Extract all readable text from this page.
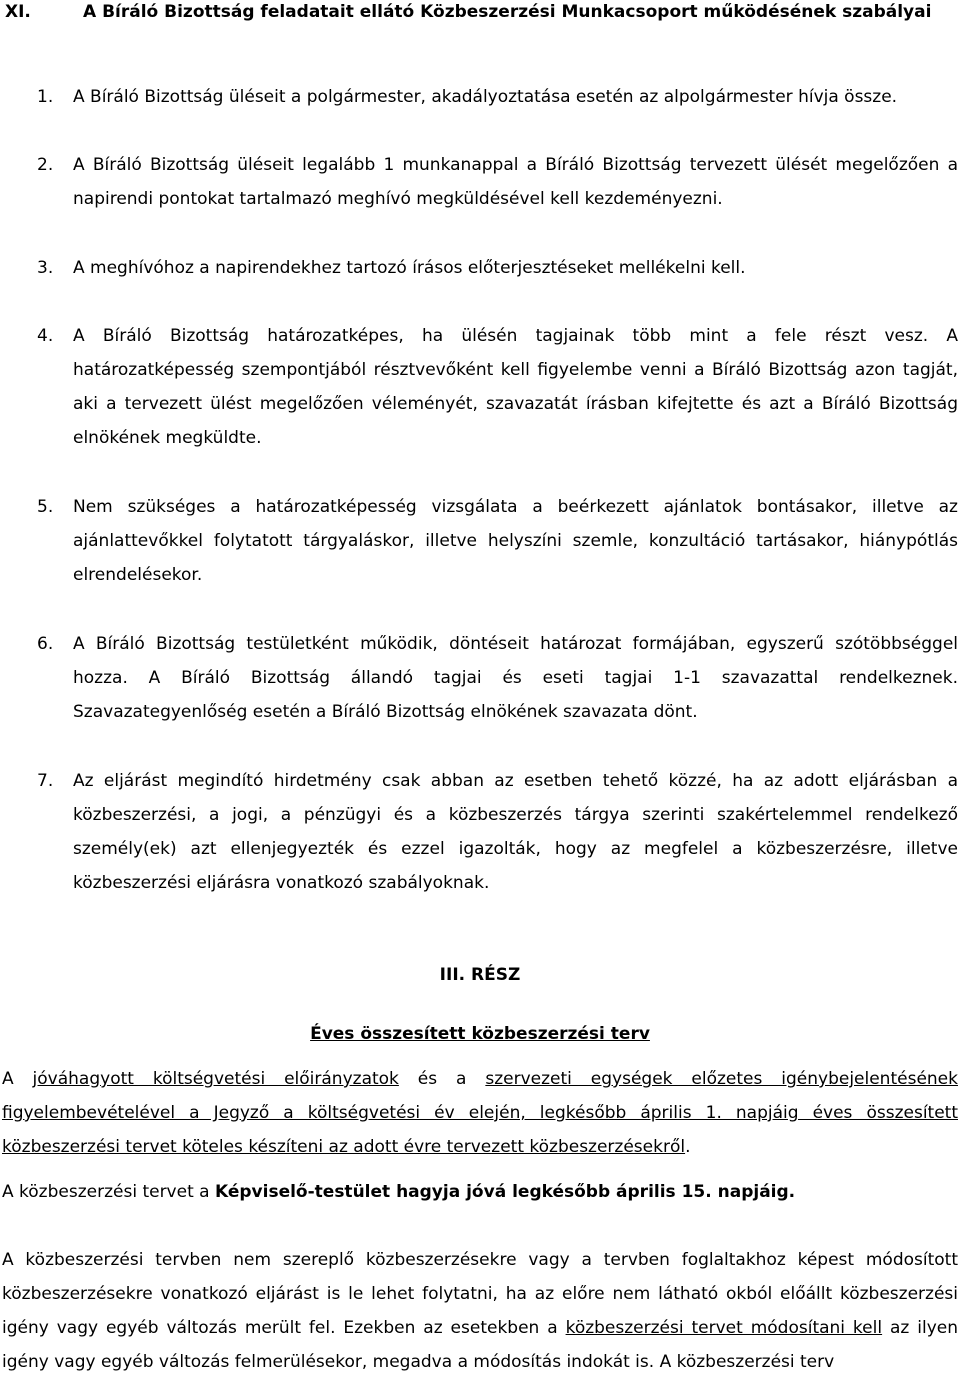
XI.	A Bíráló Bizottság feladatait ellátó Közbeszerzési Munkacsoport működésének szabályai
1. A Bíráló Bizottság üléseit a polgármester, akadályoztatása esetén az alpolgármester hívja össze.
2. A Bíráló Bizottság üléseit legalább 1 munkanappal a Bíráló Bizottság tervezett ülését megelőzően a napirendi pontokat tartalmazó meghívó megküldésével kell kezdeményezni.
3. A meghívóhoz a napirendekhez tartozó írásos előterjesztéseket mellékelni kell.
4. A Bíráló Bizottság határozatképes, ha ülésén tagjainak több mint a fele részt vesz. A határozatképesség szempontjából résztvevőként kell figyelembe venni a Bíráló Bizottság azon tagját, aki a tervezett ülést megelőzően véleményét, szavazatát írásban kifejtette és azt a Bíráló Bizottság elnökének megküldte.
5. Nem szükséges a határozatképesség vizsgálata a beérkezett ajánlatok bontásakor, illetve az ajánlattevőkkel folytatott tárgyaláskor, illetve helyszíni szemle, konzultáció tartásakor, hiánypótlás elrendelésekor.
6. A Bíráló Bizottság testületként működik, döntéseit határozat formájában, egyszerű szótöbbséggel hozza. A Bíráló Bizottság állandó tagjai és eseti tagjai 1-1 szavazattal rendelkeznek. Szavazategyenlőség esetén a Bíráló Bizottság elnökének szavazata dönt.
7. Az eljárást megindító hirdetmény csak abban az esetben tehető közzé, ha az adott eljárásban a közbeszerzési, a jogi, a pénzügyi és a közbeszerzés tárgya szerinti szakértelemmel rendelkező személy(ek) azt ellenjegyezték és ezzel igazolták, hogy az megfelel a közbeszerzésre, illetve közbeszerzési eljárásra vonatkozó szabályoknak.
III. RÉSZ
Éves összesített közbeszerzési terv
A jóváhagyott költségvetési előirányzatok és a szervezeti egységek előzetes igénybejelentésének figyelembevételével a Jegyző a költségvetési év elején, legkésőbb április 1. napjáig éves összesített közbeszerzési tervet köteles készíteni az adott évre tervezett közbeszerzésekről.
A közbeszerzési tervet a Képviselő-testület hagyja jóvá legkésőbb április 15. napjáig.
A közbeszerzési tervben nem szereplő közbeszerzésekre vagy a tervben foglaltakhoz képest módosított közbeszerzésekre vonatkozó eljárást is le lehet folytatni, ha az előre nem látható okból előállt közbeszerzési igény vagy egyéb változás merült fel. Ezekben az esetekben a közbeszerzési tervet módosítani kell az ilyen igény vagy egyéb változás felmerülésekor, megadva a módosítás indokát is. A közbeszerzési terv
